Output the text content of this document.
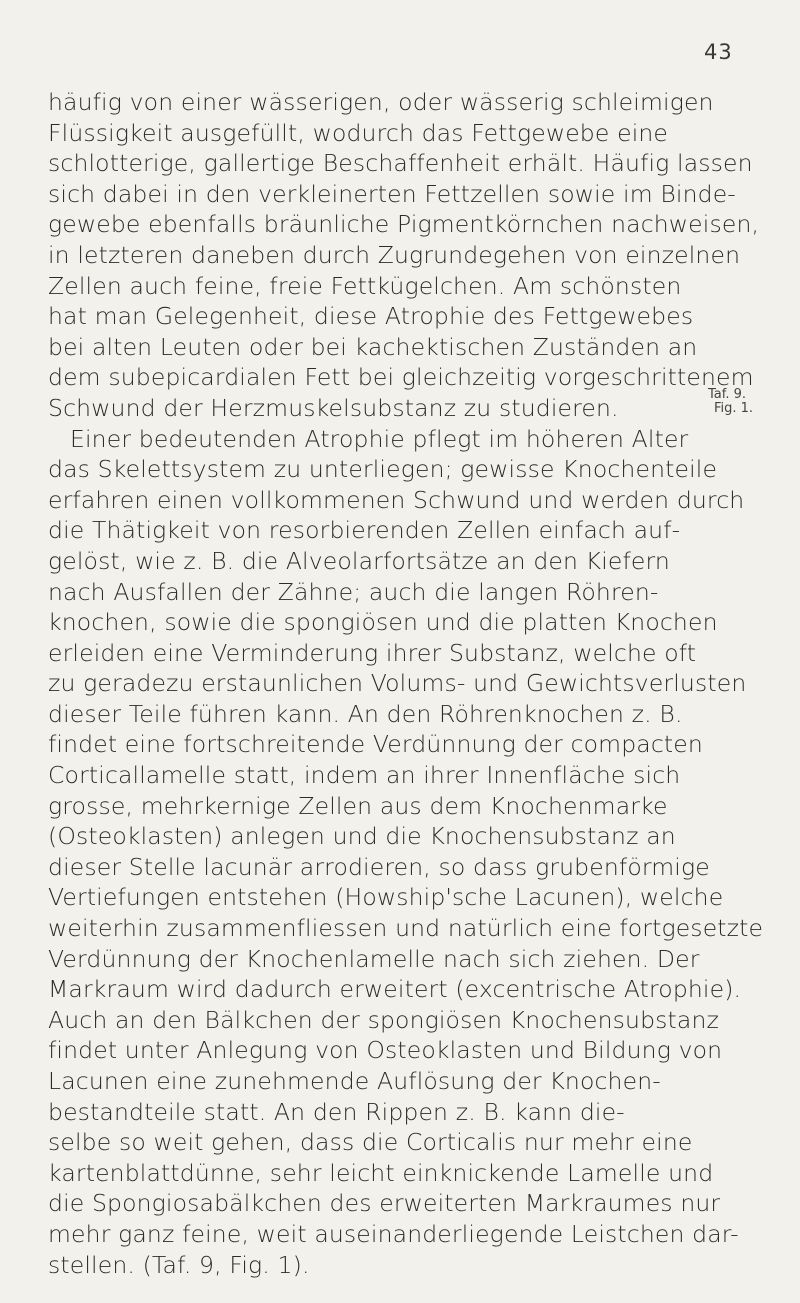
43
Taf. 9.
Fig. 1.
häufig von einer wässerigen, oder wässerig schleimigen
Flüssigkeit ausgefüllt, wodurch das Fettgewebe eine
schlotterige, gallertige Beschaffenheit erhält. Häufig lassen
sich dabei in den verkleinerten Fettzellen sowie im Binde-
gewebe ebenfalls bräunliche Pigmentkörnchen nachweisen,
in letzteren daneben durch Zugrundegehen von einzelnen
Zellen auch feine, freie Fettkügelchen. Am schönsten
hat man Gelegenheit, diese Atrophie des Fettgewebes
bei alten Leuten oder bei kachektischen Zuständen an
dem subepicardialen Fett bei gleichzeitig vorgeschrittenem
Schwund der Herzmuskelsubstanz zu studieren.
Einer bedeutenden Atrophie pflegt im höheren Alter
das Skelettsystem zu unterliegen; gewisse Knochenteile
erfahren einen vollkommenen Schwund und werden durch
die Thätigkeit von resorbierenden Zellen einfach auf-
gelöst, wie z. B. die Alveolarfortsätze an den Kiefern
nach Ausfallen der Zähne; auch die langen Röhren-
knochen, sowie die spongiösen und die platten Knochen
erleiden eine Verminderung ihrer Substanz, welche oft
zu geradezu erstaunlichen Volums- und Gewichtsverlusten
dieser Teile führen kann. An den Röhrenknochen z. B.
findet eine fortschreitende Verdünnung der compacten
Corticallamelle statt, indem an ihrer Innenfläche sich
grosse, mehrkernige Zellen aus dem Knochenmarke
(Osteoklasten) anlegen und die Knochensubstanz an
dieser Stelle lacunär arrodieren, so dass grubenförmige
Vertiefungen entstehen (Howship'sche Lacunen), welche
weiterhin zusammenfliessen und natürlich eine fortgesetzte
Verdünnung der Knochenlamelle nach sich ziehen. Der
Markraum wird dadurch erweitert (excentrische Atrophie).
Auch an den Bälkchen der spongiösen Knochensubstanz
findet unter Anlegung von Osteoklasten und Bildung von
Lacunen eine zunehmende Auflösung der Knochen-
bestandteile statt. An den Rippen z. B. kann die-
selbe so weit gehen, dass die Corticalis nur mehr eine
kartenblattdünne, sehr leicht einknickende Lamelle und
die Spongiosabälkchen des erweiterten Markraumes nur
mehr ganz feine, weit auseinanderliegende Leistchen dar-
stellen. (Taf. 9, Fig. 1).
